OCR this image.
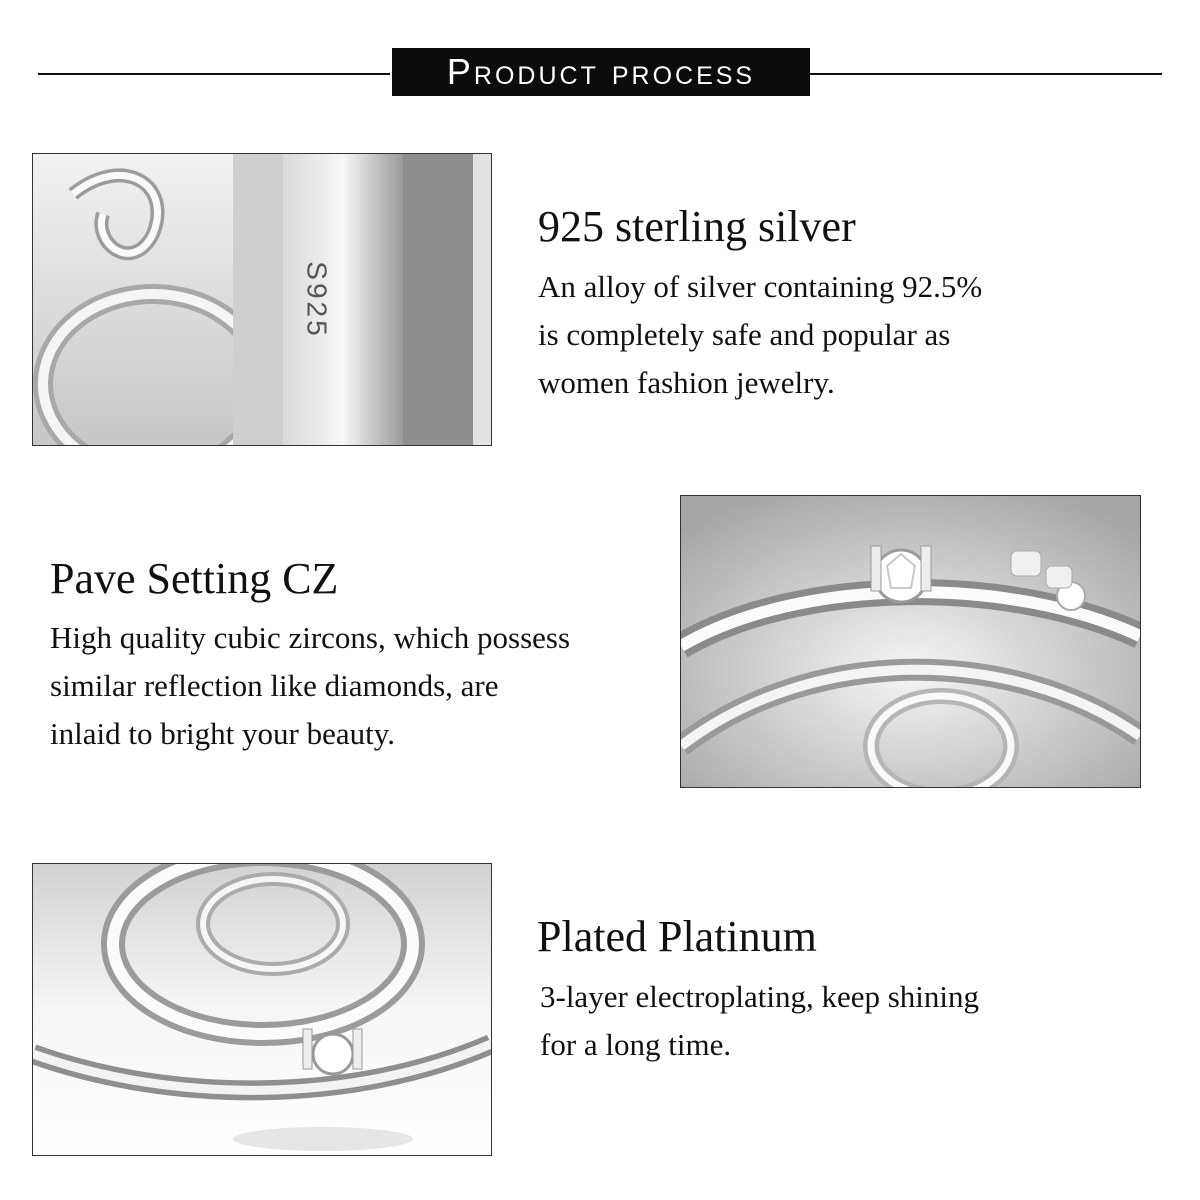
Product process
S925
925 sterling silver
An alloy of silver containing 92.5%
is completely safe and popular as
women fashion jewelry.
Pave Setting CZ
High quality cubic zircons, which possess
similar reflection like diamonds, are
inlaid to bright your beauty.
Plated Platinum
3-layer electroplating, keep shining
for a long time.
